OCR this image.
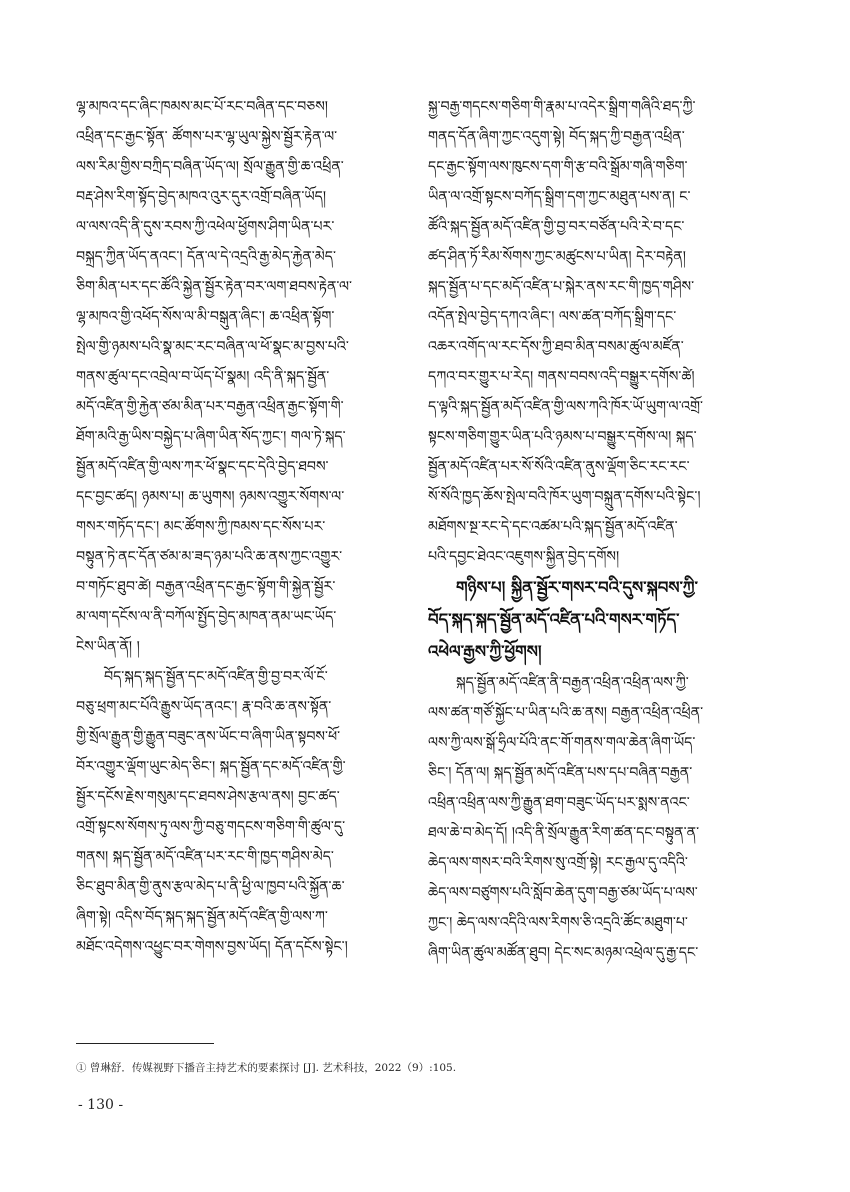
ལྷ་མཁའ་དང་ཞིང་ཁམས་མང་པོ་རང་བཞིན་དང་བཅས།
འཕྲིན་དང་རྒྱང་སྟོན་ ཚོགས་པར་ལྷ་ཡུལ་སྐྱེས་སྦྱོར་རྟེན་ལ་
ལས་རིམ་གྱིས་བཀྲིད་བཞིན་ཡོད་ལ། སྲོལ་རྒྱུན་གྱི་ཆ་འཕྲིན་
བརྡ་ཤེས་རིག་སྟོད་བྱེད་མཁའ་འུར་དུར་འགྲོ་བཞིན་ཡོད།
ལ་ལས་འདི་ནི་དུས་རབས་ཀྱི་འཕེལ་ཕྱོགས་ཤིག་ཡིན་པར་
བསྐྲད་ཀྱིན་ཡོད་ནའང་། དོན་ལ་དེ་འདྲའི་རྒྱ་མེད་རྐྱེན་མེད་
ཅིག་མིན་པར་དང་ཚོའི་སྐྱེན་སྦྱོར་རྟེན་བར་ལག་ཐབས་རྟེན་ལ་
ལྷ་མཁའ་གྱི་འཕོད་སོས་ལ་མི་བསྒུན་ཞིང་། ཆ་འཕྲིན་སྟོག་
སྤེལ་གྱི་ཉམས་པའི་སྣ་མང་རང་བཞིན་ལ་ཕོ་སྣང་མ་བྱས་པའི་
གནས་ཚུལ་དང་འབྲེལ་བ་ཡོད་པོ་སྣམ། འདི་ནི་སྐད་སྦྱོན་
མདོ་འཛིན་གྱི་རྐྱེན་ཙམ་མིན་པར་བརྒྱན་འཕྲིན་རྒྱང་སྟོག་གི་
ཐོག་མའི་རྒྱ་ཡིས་བསྐྱེད་པ་ཞིག་ཡིན་སོད་ཀྱང་། གལ་ཏེ་སྐད་
སྦྱོན་མདོ་འཛིན་གྱི་ལས་ཀར་ཕོ་སྣང་དང་དེའི་བྱེད་ཐབས་
དང་བྱང་ཚད། ཉམས་པ། ཆ་ཡུགས། ཉམས་འགྱུར་སོགས་ལ་
གསར་གཏོད་དང་། མང་ཚོགས་ཀྱི་ཁམས་དང་སོས་པར་
བསྟུན་ཏེ་ནང་དོན་ཙམ་མ་ཟད་ཉམ་པའི་ཆ་ནས་ཀྱང་འགྱུར་
བ་གཏོང་ཐུབ་ཚེ། བརྒྱན་འཕྲིན་དང་རྒྱང་སྟོག་གི་སྐྱེན་སྦྱོར་
མ་ལག་དངོས་ལ་ནི་བཀོལ་སྤྱོད་བྱེད་མཁན་ནམ་ཡང་ཡོད་
ངེས་ཡིན་ནོ། །
བོད་སྐད་སྐད་སྦྱོན་དང་མདོ་འཛིན་གྱི་བྱ་བར་ལོ་ངོ་
བཅུ་ཕྲག་མང་པོའི་རྒྱུས་ཡོད་ནའང་། རྣ་བའི་ཆ་ནས་སྟོན་
གྱི་སྲོལ་རྒྱུན་གྱི་རྒྱུན་བཟུང་ནས་ཡོང་བ་ཞིག་ཡིན་སྟབས་ཕོ་
བོར་འགྱུར་ལྡོག་ཡུང་མེད་ཅིང་། སྐད་སྦྱོན་དང་མདོ་འཛིན་གྱི་
སྦྱོར་དངོས་རྗེས་གསུམ་དང་ཐབས་ཤེས་རྩལ་ནས། བྱང་ཚད་
འགྲོ་སྟངས་སོགས་ཏུ་ལས་ཀྱི་བཅུ་གདངས་གཅིག་གི་ཚུལ་དུ་
གནས། སྐད་སྦྱོན་མདོ་འཛིན་པར་རང་གི་ཁྱད་གཤིས་མེད་
ཅིང་ཐུབ་མིན་གྱི་ནུས་རྩལ་མེད་པ་ནི་ཕྱི་ལ་ཁྱབ་པའི་སྐྱོན་ཆ་
ཞིག་སྟེ། འདིས་བོད་སྐད་སྐད་སྦྱོན་མདོ་འཛིན་གྱི་ལས་ཀ་
མཐོང་འདེགས་འཕྱུང་བར་གེགས་བྱས་ཡོད། དོན་དངོས་སྟེང་།
སྐྱ་བརྒྱ་གདངས་གཅིག་གི་རྣམ་པ་འདེར་སྒྲིག་གཞིའི་ཐད་ཀྱི་
གནད་དོན་ཞིག་ཀྱང་འདུག་སྟེ། བོད་སྐད་ཀྱི་བརྒྱན་འཕྲིན་
དང་རྒྱང་སྟོག་ལས་ཁུངས་དག་གི་རྩ་བའི་སྒྲོམ་གཞི་གཅིག་
ཡིན་ལ་འགྲོ་སྟངས་བཀོད་སྒྲིག་དག་ཀྱང་མཐུན་པས་ན། ང་
ཚོའི་སྐད་སྦྱོན་མདོ་འཛིན་གྱི་བྱ་བར་བཙོན་པའི་རེ་བ་དང་
ཚད་ཤིན་ཏོ་རིམ་སོགས་ཀྱང་མཚུངས་པ་ཡིན། དེར་བརྟེན།
སྐད་སྦྱོན་པ་དང་མདོ་འཛིན་པ་སྐེར་ནས་རང་གི་ཁྱད་གཤིས་
འདོན་སྤེལ་བྱེད་དཀའ་ཞིང་། ལས་ཚན་བཀོད་སྒྲིག་དང་
འཆར་འགོད་ལ་རང་དོས་ཀྱི་ཐབ་མིན་བསམ་ཚུལ་མཛོན་
དཀའ་བར་གྱུར་པ་རེད། གནས་བབས་འདི་བསྒྱུར་དགོས་ཚེ།
ད་ལྟའི་སྐད་སྦྱོན་མདོ་འཛིན་གྱི་ལས་ཀའི་ཁོར་ཡོ་ཡུག་ལ་འགྲོ་
སྟངས་གཅིག་གྱུར་ཡིན་པའི་ཉམས་པ་བསྒྱུར་དགོས་ལ། སྐད་
སྦྱོན་མདོ་འཛིན་པར་སོ་སོའི་འཛིན་ནུས་ལྡོག་ཅིང་རང་རང་
སོ་སོའི་ཁྱད་ཆོས་སྤེལ་བའི་ཁོར་ཡུག་བསྐྲུན་དགོས་པའི་སྟེང་།
མཐོགས་སྔ་རང་དེ་དང་འཚམ་པའི་སྐད་སྦྱོན་མདོ་འཛིན་
པའི་དབྱང་ཐེའང་འཇུགས་སྐྱིན་བྱེད་དགོས།
གཉིས་པ། སྐྱིན་སྦྱོར་གསར་བའི་དུས་སྐབས་ཀྱི་
བོད་སྐད་སྐད་སྦྱོན་མདོ་འཛིན་པའི་གསར་གཏོད་
འཕེལ་རྒྱས་ཀྱི་ཕྱོགས།
སྐད་སྦྱོན་མདོ་འཛིན་ནི་བརྒྱན་འཕྲིན་འཕྲིན་ལས་ཀྱི་
ལས་ཚན་གཙོ་སྐྱོང་པ་ཡིན་པའི་ཆ་ནས། བརྒྱན་འཕྲིན་འཕྲིན་
ལས་ཀྱི་ལས་སྒོ་ཧྲིལ་པོའི་ནང་གོ་གནས་གལ་ཆེན་ཞིག་ཡོད་
ཅིང་། དོན་ལ། སྐད་སྦྱོན་མདོ་འཛིན་པས་དཔ་བཞིན་བརྒྱན་
འཕྲིན་འཕྲིན་ལས་ཀྱི་རྒྱུན་ཐག་བཟུང་ཡོད་པར་སྨས་ནའང་
ཐལ་ཆེ་བ་མེད་དོ། །འདི་ནི་སྲོལ་རྒྱུན་རིག་ཚན་དང་བསྟུན་ན་
ཆེད་ལས་གསར་བའི་རིགས་སུ་འགྲོ་སྟེ། རང་རྒྱལ་དུ་འདིའི་
ཆེད་ལས་བཙུགས་པའི་སློབ་ཆེན་དུག་བརྒྱ་ཙམ་ཡོད་པ་ལས་
ཀྱང་། ཆེད་ལས་འདིའི་ལས་རིགས་ཅི་འདྲའི་ཚོང་མཐུག་པ་
ཞིག་ཡིན་ཚུལ་མཚོན་ཐུབ། དེང་སང་མཉམ་འཕྲེལ་དུ་རྒྱ་དང་
① 曾琳舒．传媒视野下播音主持艺术的要素探讨 [J]. 艺术科技，2022（9）:105.
- 130 -
